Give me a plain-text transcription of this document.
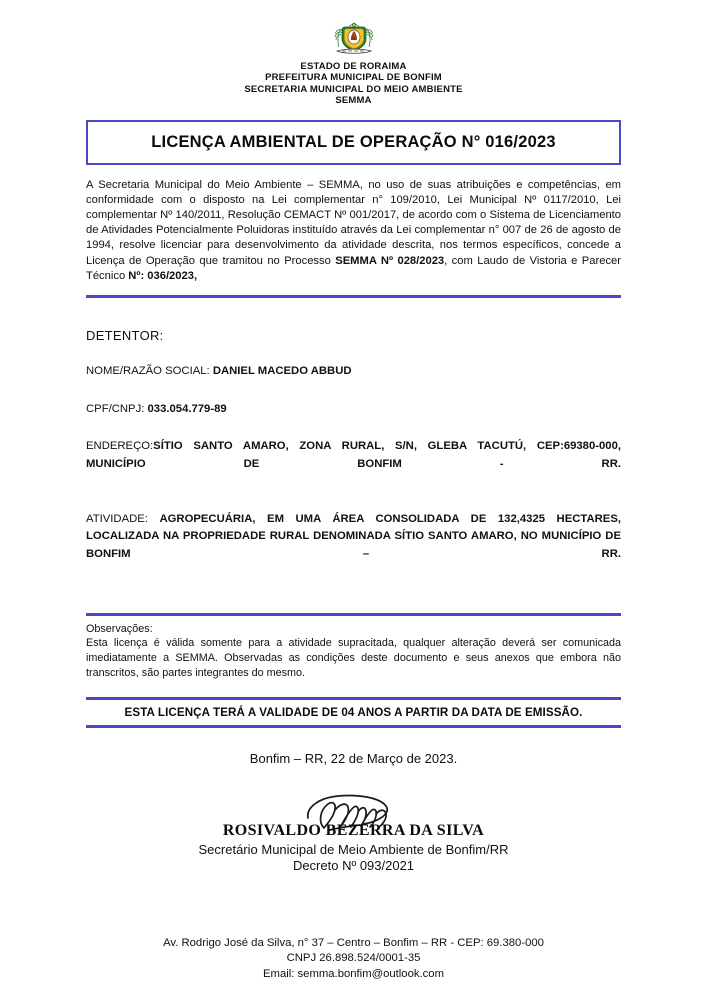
ESTADO DE RORAIMA
PREFEITURA MUNICIPAL DE BONFIM
SECRETARIA MUNICIPAL DO MEIO AMBIENTE
SEMMA
LICENÇA AMBIENTAL DE OPERAÇÃO N° 016/2023

A Secretaria Municipal do Meio Ambiente – SEMMA, no uso de suas atribuições e competências, em conformidade com o disposto na Lei complementar n° 109/2010, Lei Municipal Nº 0117/2010, Lei complementar Nº 140/2011, Resolução CEMACT Nº 001/2017, de acordo com o Sistema de Licenciamento de Atividades Potencialmente Poluidoras instituído através da Lei complementar n° 007 de 26 de agosto de 1994, resolve licenciar para desenvolvimento da atividade descrita, nos termos específicos, concede a Licença de Operação que tramitou no Processo SEMMA Nº 028/2023, com Laudo de Vistoria e Parecer Técnico Nº: 036/2023,

DETENTOR:
NOME/RAZÃO SOCIAL: DANIEL MACEDO ABBUD
CPF/CNPJ: 033.054.779-89
ENDEREÇO:SÍTIO SANTO AMARO, ZONA RURAL, S/N, GLEBA TACUTÚ, CEP:69380-000, MUNICÍPIO DE BONFIM - RR.
ATIVIDADE: AGROPECUÁRIA, EM UMA ÁREA CONSOLIDADA DE 132,4325 HECTARES, LOCALIZADA NA PROPRIEDADE RURAL DENOMINADA SÍTIO SANTO AMARO, NO MUNICÍPIO DE BONFIM – RR.
Observações:
Esta licença é válida somente para a atividade supracitada, qualquer alteração deverá ser comunicada imediatamente a SEMMA. Observadas as condições deste documento e seus anexos que embora não transcritos, são partes integrantes do mesmo.
ESTA LICENÇA TERÁ A VALIDADE DE 04 ANOS A PARTIR DA DATA DE EMISSÃO.
Bonfim – RR, 22 de Março de 2023.
ROSIVALDO BEZERRA DA SILVA
Secretário Municipal de Meio Ambiente de Bonfim/RR
Decreto Nº 093/2021
Av. Rodrigo José da Silva, n° 37 – Centro – Bonfim – RR - CEP: 69.380-000
CNPJ 26.898.524/0001-35
Email: semma.bonfim@outlook.com
